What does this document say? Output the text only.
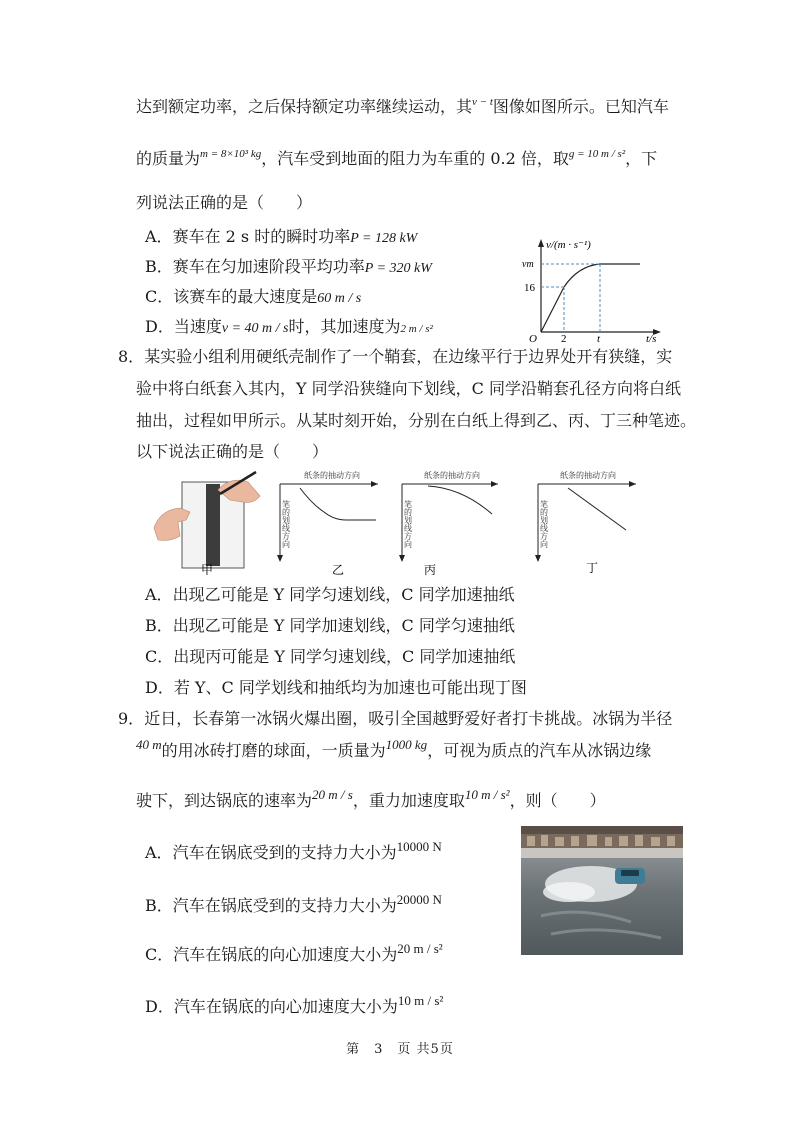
达到额定功率，之后保持额定功率继续运动，其$^{v - t}$图像如图所示。已知汽车
的质量为$^{m = 8\times 10^3 kg}$，汽车受到地面的阻力为车重的 0.2 倍，取$^{g = 10 m / s^2}$，下
列说法正确的是（　　）
A．赛车在 2 s 时的瞬时功率P = 128 kW
B．赛车在匀加速阶段平均功率P = 320 kW
C．该赛车的最大速度是60 m / s
D．当速度v = 40 m / s时，其加速度为2 m / s²
v/(m · s⁻¹)
vm
16
O 2	t	t/s
8．某实验小组利用硬纸壳制作了一个鞘套，在边缘平行于边界处开有狭缝，实
验中将白纸套入其内，Y 同学沿狭缝向下划线，C 同学沿鞘套孔径方向将白纸
抽出，过程如甲所示。从某时刻开始，分别在白纸上得到乙、丙、丁三种笔迹。
以下说法正确的是（　　）
甲
纸条的抽动方向
笔的划线方向
乙
纸条的抽动方向
笔的划线方向
丙
纸条的抽动方向
笔的划线方向
丁
A．出现乙可能是 Y 同学匀速划线，C 同学加速抽纸
B．出现乙可能是 Y 同学加速划线，C 同学匀速抽纸
C．出现丙可能是 Y 同学匀速划线，C 同学加速抽纸
D．若 Y、C 同学划线和抽纸均为加速也可能出现丁图
9．近日，长春第一冰锅火爆出圈，吸引全国越野爱好者打卡挑战。冰锅为半径
$^{40 m}$的用冰砖打磨的球面，一质量为$^{1000 kg}$，可视为质点的汽车从冰锅边缘
驶下，到达锅底的速率为$^{20 m / s}$，重力加速度取$^{10 m / s^2}$，则（　　）
A．汽车在锅底受到的支持力大小为$^{10000 N}$
B．汽车在锅底受到的支持力大小为$^{20000 N}$
C．汽车在锅底的向心加速度大小为$^{20 m / s^2}$
D．汽车在锅底的向心加速度大小为$^{10 m / s^2}$
第　3　页 共5页
